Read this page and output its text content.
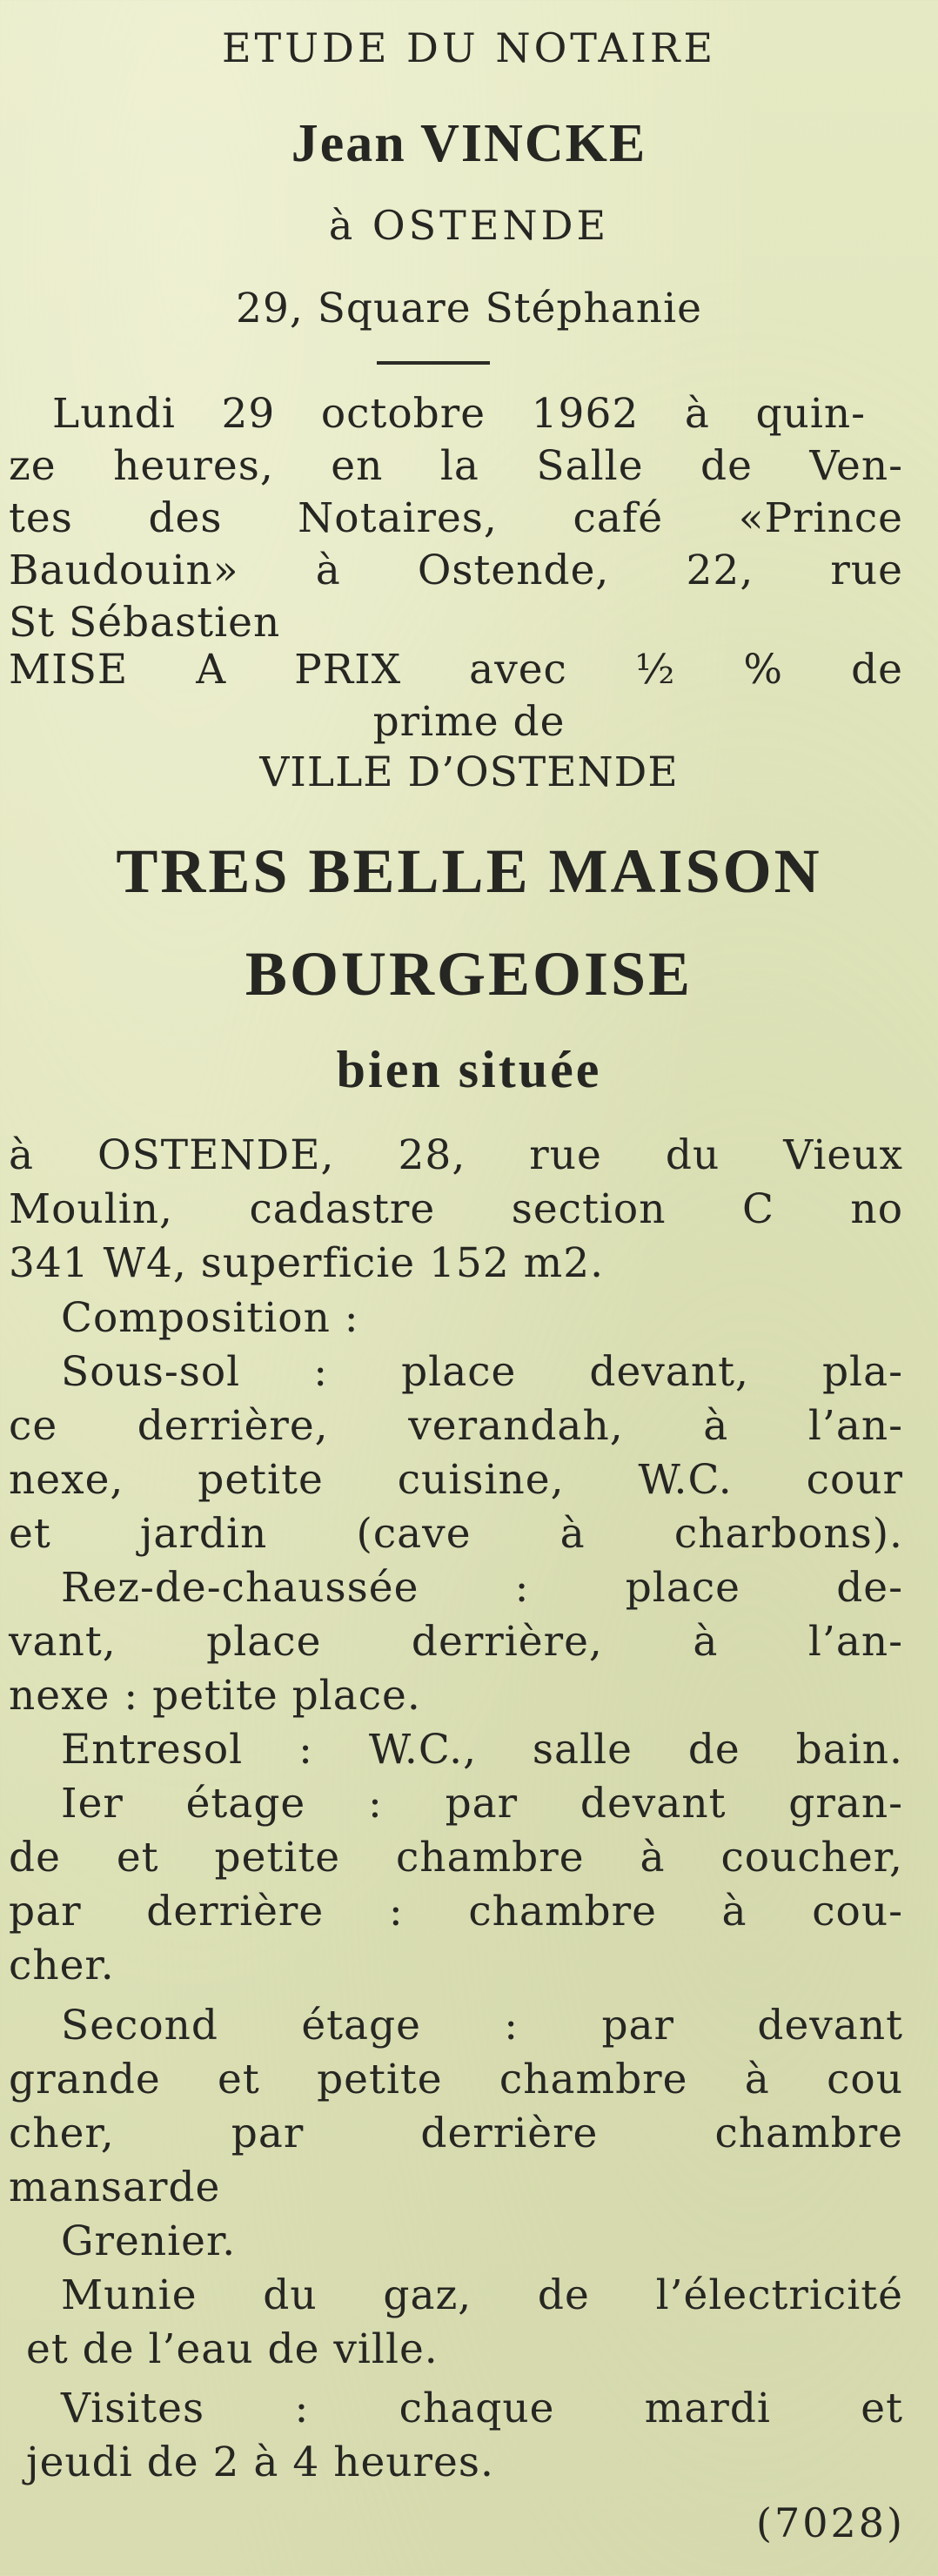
ETUDE DU NOTAIRE
Jean VINCKE
à OSTENDE
29, Square Stéphanie
Lundi 29 octobre 1962 à quin-
ze heures, en la Salle de Ven-
tes des Notaires, café «Prince
Baudouin» à Ostende, 22, rue
St Sébastien
MISE A PRIX avec ½ % de
prime de
VILLE D’OSTENDE
TRES BELLE MAISON
BOURGEOISE
bien située
à OSTENDE, 28, rue du Vieux
Moulin, cadastre section C no
341 W4, superficie 152 m2.
Composition :
Sous-sol : place devant, pla-
ce derrière, verandah, à l’an-
nexe, petite cuisine, W.C. cour
et jardin (cave à charbons).
Rez-de-chaussée : place de-
vant, place derrière, à l’an-
nexe : petite place.
Entresol : W.C., salle de bain.
Ier étage : par devant gran-
de et petite chambre à coucher,
par derrière : chambre à cou-
cher.
Second étage : par devant
grande et petite chambre à cou
cher, par derrière chambre
mansarde
Grenier.
Munie du gaz, de l’électricité
et de l’eau de ville.
Visites : chaque mardi et
jeudi de 2 à 4 heures.
(7028)
